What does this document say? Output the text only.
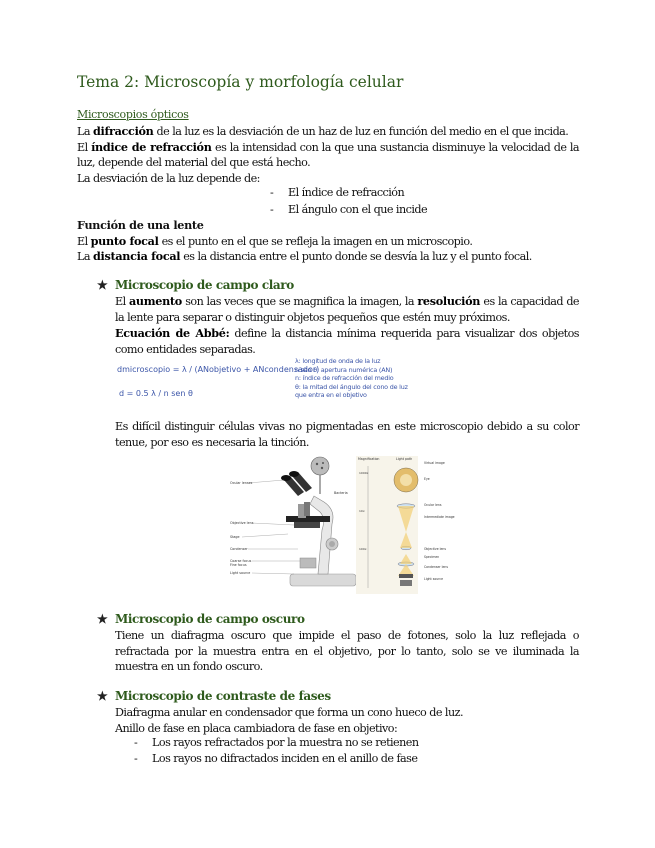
Tema 2: Microscopía y morfología celular
Microscopios ópticos
La difracción de la luz es la desviación de un haz de luz en función del medio en el que incida.
El índice de refracción es la intensidad con la que una sustancia disminuye la velocidad de la luz, depende del material del que está hecho.
La desviación de la luz depende de:
- El índice de refracción
- El ángulo con el que incide
Función de una lente
El punto focal es el punto en el que se refleja la imagen en un microscopio.
La distancia focal es la distancia entre el punto donde se desvía la luz y el punto focal.
★ Microscopio de campo claro
El aumento son las veces que se magnifica la imagen, la resolución es la capacidad de la lente para separar o distinguir objetos pequeños que estén muy próximos.
Ecuación de Abbé: define la distancia mínima requerida para visualizar dos objetos como entidades separadas.
dmicroscopio = λ / (ANobjetivo + ANcondensador)
d = 0.5 λ / n sen θ
λ: longitud de onda de la luz
n sen θ: apertura numérica (AN)
n: índice de refracción del medio
θ: la mitad del ángulo del cono de luz
que entra en el objetivo
Es difícil distinguir células vivas no pigmentadas en este microscopio debido a su color tenue, por eso es necesaria la tinción.
Ocular lenses
Objective lens
Stage
Condenser
Coarse focus
Fine focus
Light source
Bacteria
Magnification	Light path
1000x
10x
100x
Virtual image
Eye
Ocular lens
Intermediate image
Objective lens
Specimen
Condenser lens
Light source
★ Microscopio de campo oscuro
Tiene un diafragma oscuro que impide el paso de fotones, solo la luz reflejada o refractada por la muestra entra en el objetivo, por lo tanto, solo se ve iluminada la muestra en un fondo oscuro.
★ Microscopio de contraste de fases
Diafragma anular en condensador que forma un cono hueco de luz.
Anillo de fase en placa cambiadora de fase en objetivo:
- Los rayos refractados por la muestra no se retienen
- Los rayos no difractados inciden en el anillo de fase
